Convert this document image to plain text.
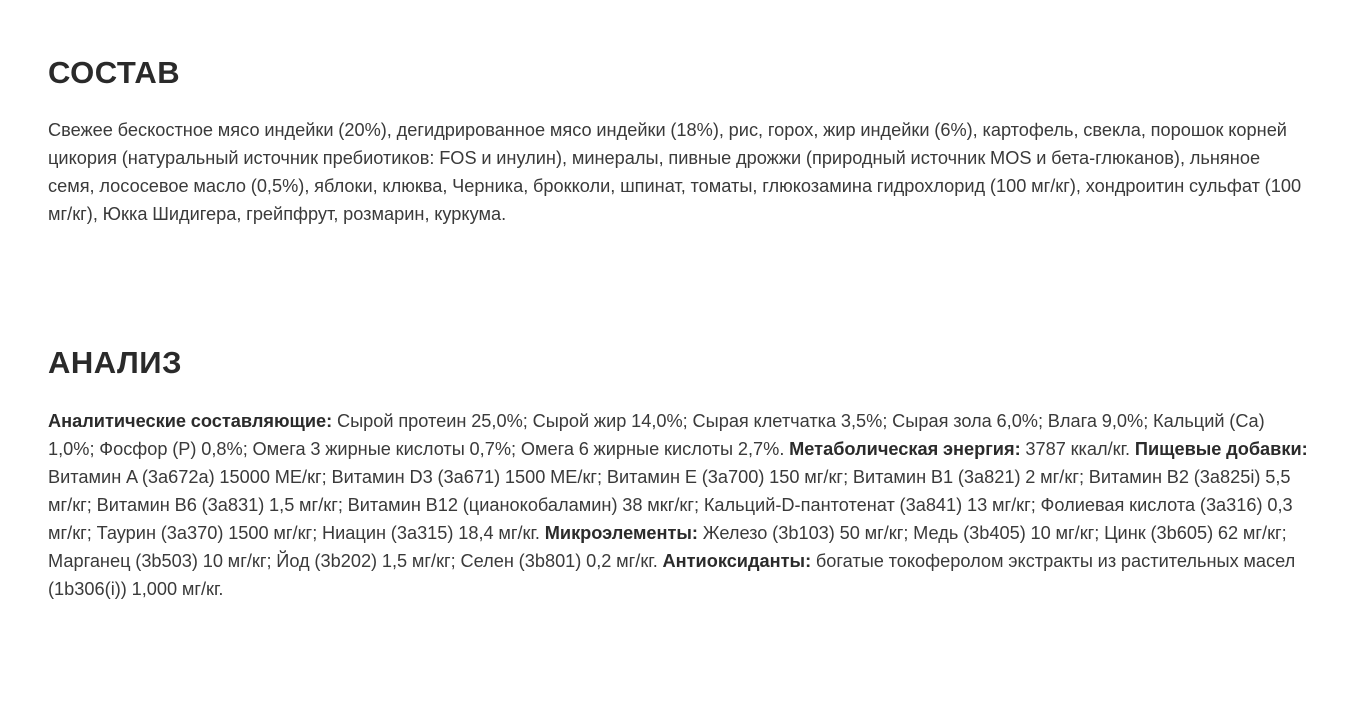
СОСТАВ

Свежее бескостное мясо индейки (20%), дегидрированное мясо индейки (18%), рис, горох, жир индейки (6%), картофель, свекла, порошок корней цикория (натуральный источник пребиотиков: FOS и инулин), минералы, пивные дрожжи (природный источник MOS и бета-глюканов), льняное семя, лососевое масло (0,5%), яблоки, клюква, Черника, брокколи, шпинат, томаты, глюкозамина гидрохлорид (100 мг/кг), хондроитин сульфат (100 мг/кг), Юкка Шидигера, грейпфрут, розмарин, куркума.

АНАЛИЗ

Аналитические составляющие: Сырой протеин 25,0%; Сырой жир 14,0%; Сырая клетчатка 3,5%; Сырая зола 6,0%; Влага 9,0%; Кальций (Ca) 1,0%; Фосфор (P) 0,8%; Омега 3 жирные кислоты 0,7%; Омега 6 жирные кислоты 2,7%. Метаболическая энергия: 3787 ккал/кг. Пищевые добавки: Витамин A (3a672a) 15000 МЕ/кг; Витамин D3 (3a671) 1500 МЕ/кг; Витамин E (3a700) 150 мг/кг; Витамин B1 (3a821) 2 мг/кг; Витамин B2 (3a825i) 5,5 мг/кг; Витамин B6 (3a831) 1,5 мг/кг; Витамин B12 (цианокобаламин) 38 мкг/кг; Кальций-D-пантотенат (3a841) 13 мг/кг; Фолиевая кислота (3a316) 0,3 мг/кг; Таурин (3a370) 1500 мг/кг; Ниацин (3a315) 18,4 мг/кг. Микроэлементы: Железо (3b103) 50 мг/кг; Медь (3b405) 10 мг/кг; Цинк (3b605) 62 мг/кг; Марганец (3b503) 10 мг/кг; Йод (3b202) 1,5 мг/кг; Селен (3b801) 0,2 мг/кг. Антиоксиданты: богатые токоферолом экстракты из растительных масел (1b306(i)) 1,000 мг/кг.
